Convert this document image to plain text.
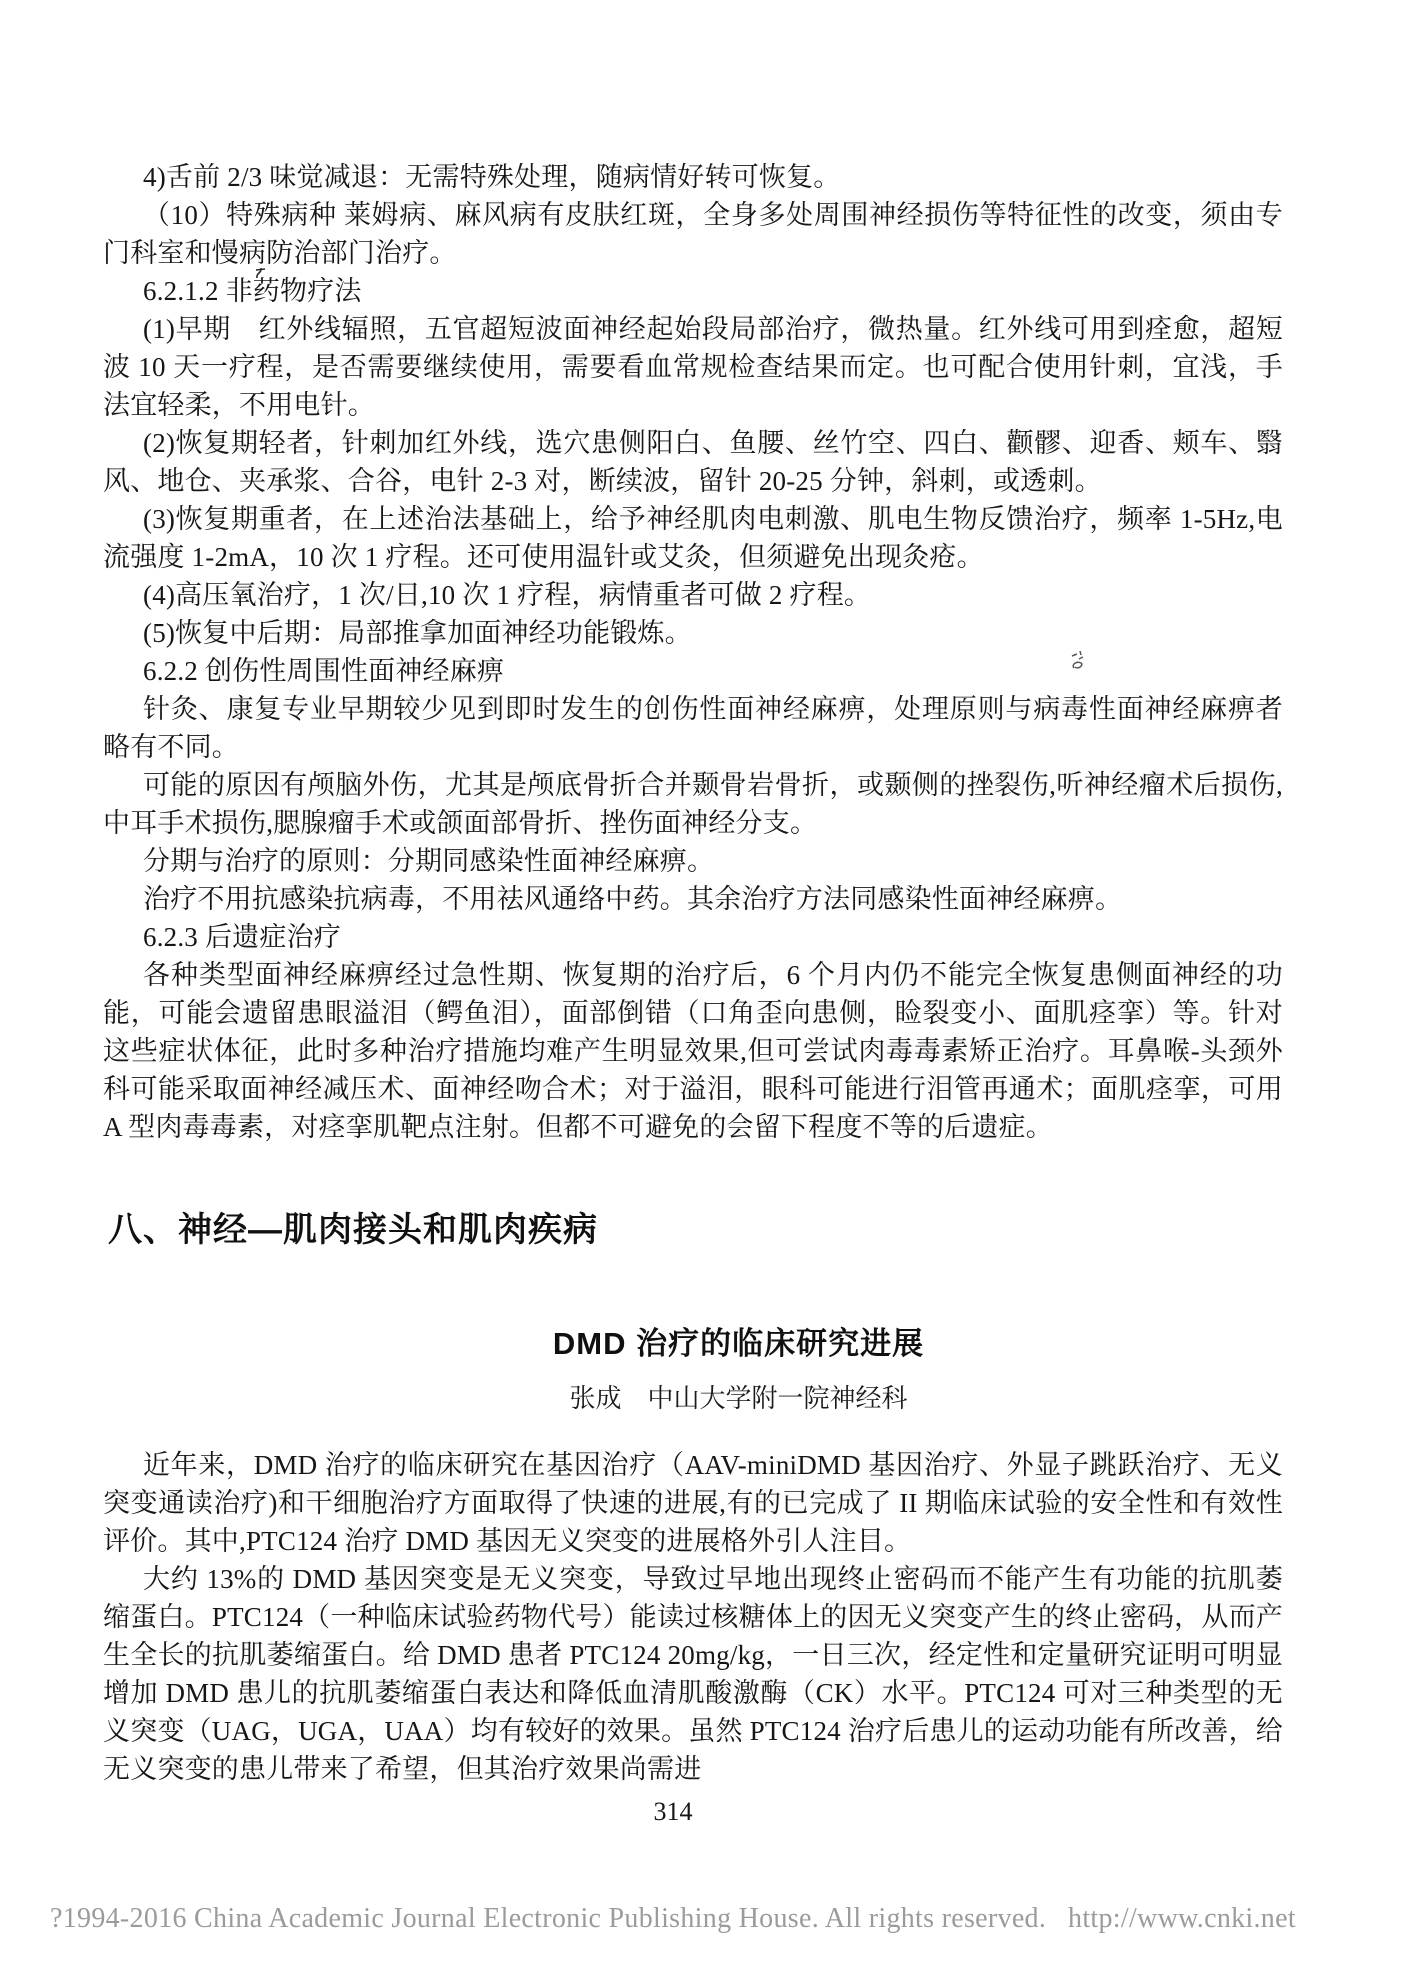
4)舌前 2/3 味觉减退：无需特殊处理，随病情好转可恢复。

（10）特殊病种 莱姆病、麻风病有皮肤红斑，全身多处周围神经损伤等特征性的改变，须由专门科室和慢病防治部门治疗。

6.2.1.2 非药物疗法

(1)早期　红外线辐照，五官超短波面神经起始段局部治疗，微热量。红外线可用到痊愈，超短波 10 天一疗程，是否需要继续使用，需要看血常规检查结果而定。也可配合使用针刺，宜浅，手法宜轻柔，不用电针。

(2)恢复期轻者，针刺加红外线，选穴患侧阳白、鱼腰、丝竹空、四白、颧髎、迎香、颊车、翳风、地仓、夹承浆、合谷，电针 2-3 对，断续波，留针 20-25 分钟，斜刺，或透刺。

(3)恢复期重者，在上述治法基础上，给予神经肌肉电刺激、肌电生物反馈治疗，频率 1-5Hz,电流强度 1-2mA，10 次 1 疗程。还可使用温针或艾灸，但须避免出现灸疮。

(4)高压氧治疗，1 次/日,10 次 1 疗程，病情重者可做 2 疗程。

(5)恢复中后期：局部推拿加面神经功能锻炼。

6.2.2 创伤性周围性面神经麻痹

针灸、康复专业早期较少见到即时发生的创伤性面神经麻痹，处理原则与病毒性面神经麻痹者略有不同。

可能的原因有颅脑外伤，尤其是颅底骨折合并颞骨岩骨折，或颞侧的挫裂伤,听神经瘤术后损伤,中耳手术损伤,腮腺瘤手术或颌面部骨折、挫伤面神经分支。

分期与治疗的原则：分期同感染性面神经麻痹。

治疗不用抗感染抗病毒，不用祛风通络中药。其余治疗方法同感染性面神经麻痹。

6.2.3 后遗症治疗

各种类型面神经麻痹经过急性期、恢复期的治疗后，6 个月内仍不能完全恢复患侧面神经的功能，可能会遗留患眼溢泪（鳄鱼泪），面部倒错（口角歪向患侧，睑裂变小、面肌痉挛）等。针对这些症状体征，此时多种治疗措施均难产生明显效果,但可尝试肉毒毒素矫正治疗。耳鼻喉-头颈外科可能采取面神经减压术、面神经吻合术；对于溢泪，眼科可能进行泪管再通术；面肌痉挛，可用 A 型肉毒毒素，对痉挛肌靶点注射。但都不可避免的会留下程度不等的后遗症。

八、神经—肌肉接头和肌肉疾病
DMD 治疗的临床研究进展
张成　中山大学附一院神经科

近年来，DMD 治疗的临床研究在基因治疗（AAV-miniDMD 基因治疗、外显子跳跃治疗、无义突变通读治疗)和干细胞治疗方面取得了快速的进展,有的已完成了 II 期临床试验的安全性和有效性评价。其中,PTC124 治疗 DMD 基因无义突变的进展格外引人注目。

大约 13%的 DMD 基因突变是无义突变，导致过早地出现终止密码而不能产生有功能的抗肌萎缩蛋白。PTC124（一种临床试验药物代号）能读过核糖体上的因无义突变产生的终止密码，从而产生全长的抗肌萎缩蛋白。给 DMD 患者 PTC124 20mg/kg，一日三次，经定性和定量研究证明可明显增加 DMD 患儿的抗肌萎缩蛋白表达和降低血清肌酸激酶（CK）水平。PTC124 可对三种类型的无义突变（UAG，UGA，UAA）均有较好的效果。虽然 PTC124 治疗后患儿的运动功能有所改善，给无义突变的患儿带来了希望，但其治疗效果尚需进

314
?1994-2016 China Academic Journal Electronic Publishing House. All rights reserved.   http://www.cnki.net
